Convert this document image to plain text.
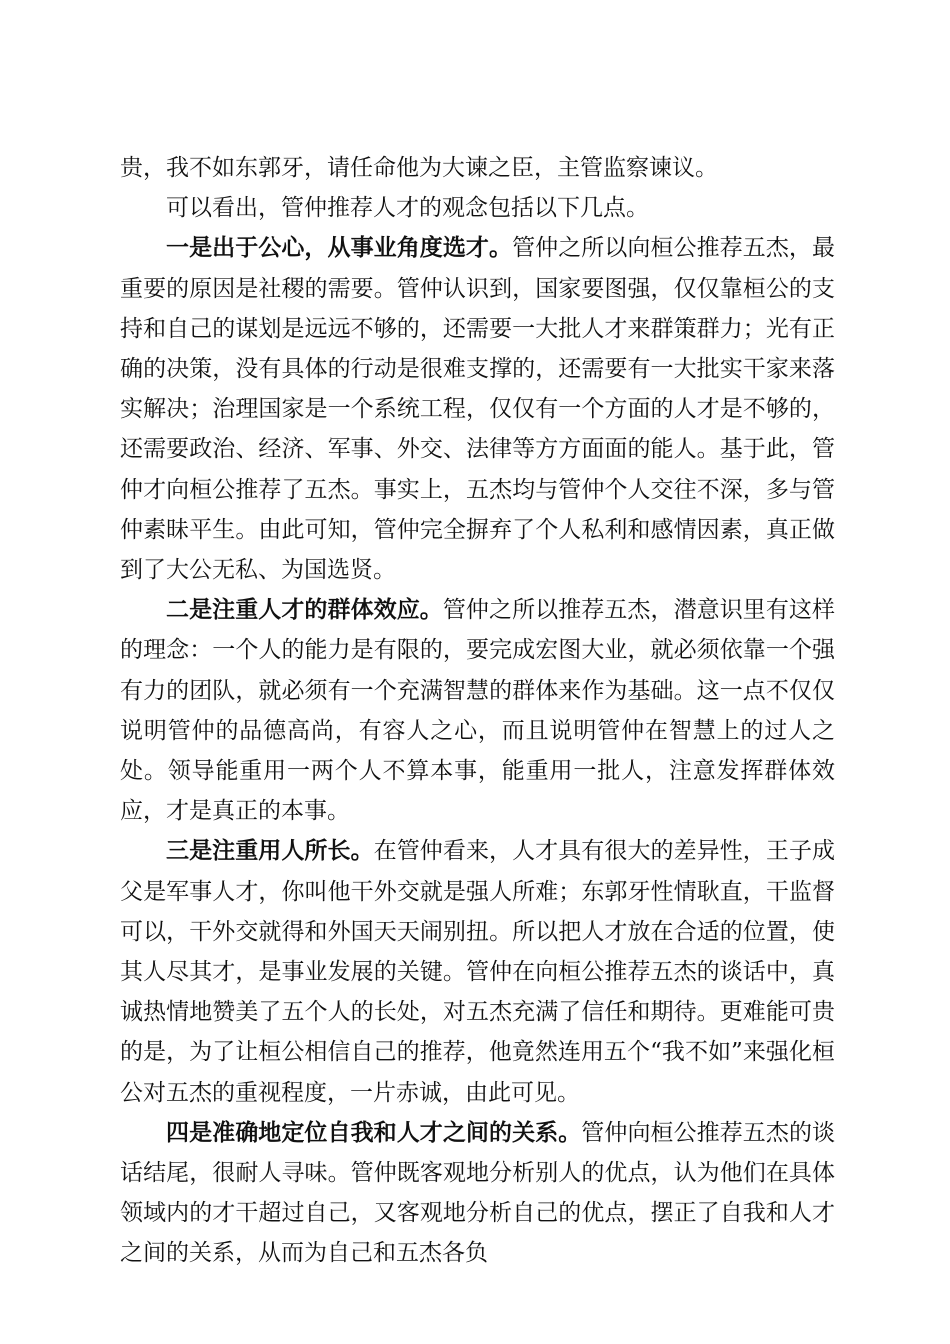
贵，我不如东郭牙，请任命他为大谏之臣，主管监察谏议。

可以看出，管仲推荐人才的观念包括以下几点。

一是出于公心，从事业角度选才。管仲之所以向桓公推荐五杰，最重要的原因是社稷的需要。管仲认识到，国家要图强，仅仅靠桓公的支持和自己的谋划是远远不够的，还需要一大批人才来群策群力；光有正确的决策，没有具体的行动是很难支撑的，还需要有一大批实干家来落实解决；治理国家是一个系统工程，仅仅有一个方面的人才是不够的，还需要政治、经济、军事、外交、法律等方方面面的能人。基于此，管仲才向桓公推荐了五杰。事实上，五杰均与管仲个人交往不深，多与管仲素昧平生。由此可知，管仲完全摒弃了个人私利和感情因素，真正做到了大公无私、为国选贤。

二是注重人才的群体效应。管仲之所以推荐五杰，潜意识里有这样的理念：一个人的能力是有限的，要完成宏图大业，就必须依靠一个强有力的团队，就必须有一个充满智慧的群体来作为基础。这一点不仅仅说明管仲的品德高尚，有容人之心，而且说明管仲在智慧上的过人之处。领导能重用一两个人不算本事，能重用一批人，注意发挥群体效应，才是真正的本事。

三是注重用人所长。在管仲看来，人才具有很大的差异性，王子成父是军事人才，你叫他干外交就是强人所难；东郭牙性情耿直，干监督可以，干外交就得和外国天天闹别扭。所以把人才放在合适的位置，使其人尽其才，是事业发展的关键。管仲在向桓公推荐五杰的谈话中，真诚热情地赞美了五个人的长处，对五杰充满了信任和期待。更难能可贵的是，为了让桓公相信自己的推荐，他竟然连用五个“我不如”来强化桓公对五杰的重视程度，一片赤诚，由此可见。

四是准确地定位自我和人才之间的关系。管仲向桓公推荐五杰的谈话结尾，很耐人寻味。管仲既客观地分析别人的优点，认为他们在具体领域内的才干超过自己，又客观地分析自己的优点，摆正了自我和人才之间的关系，从而为自己和五杰各负
